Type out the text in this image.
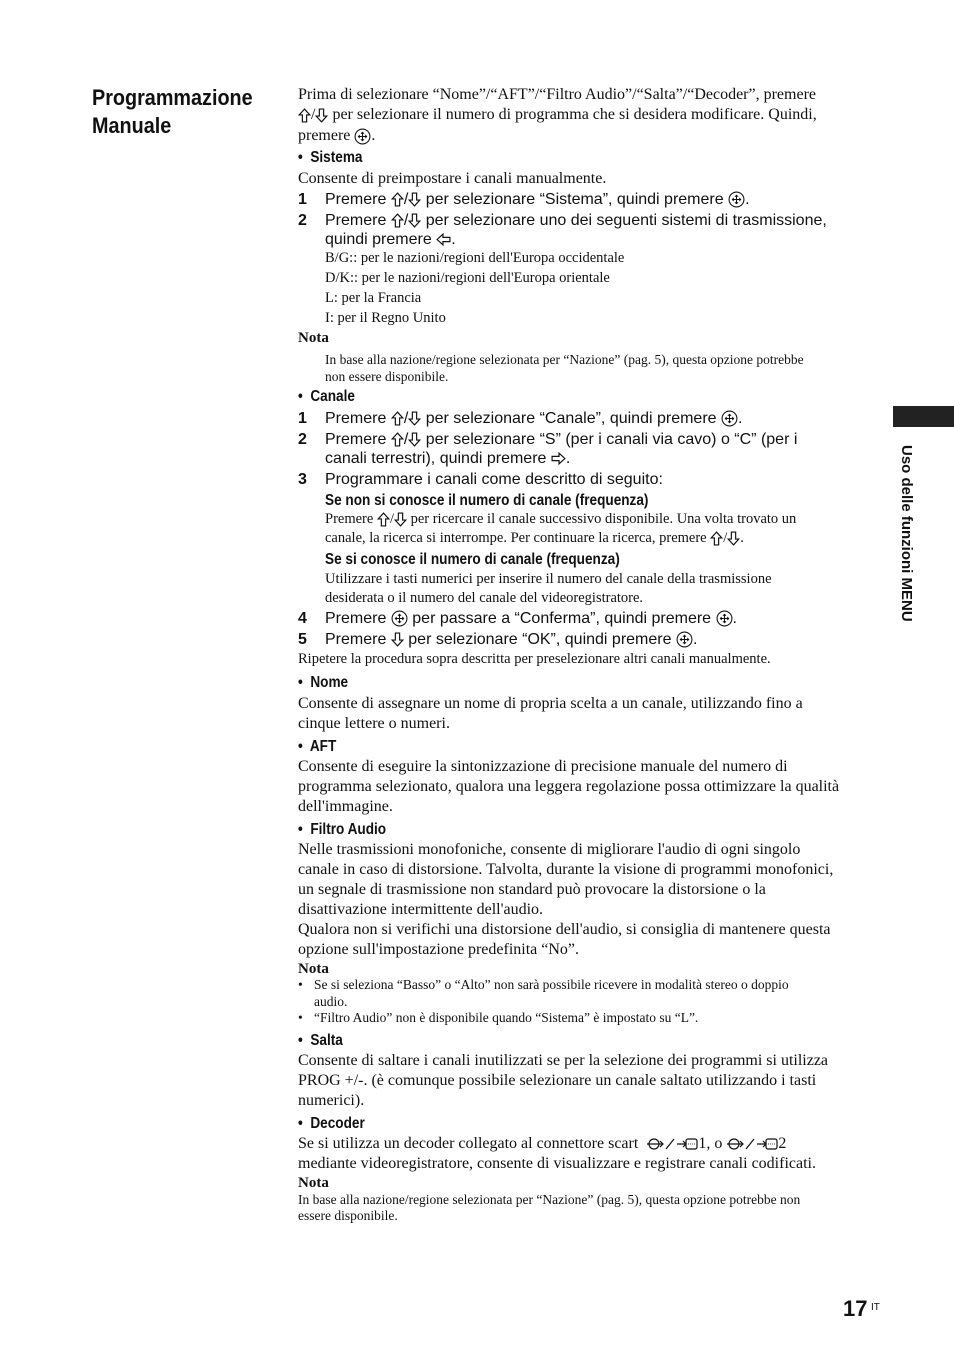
Programmazione Manuale
Uso delle funzioni MENU
Prima di selezionare “Nome”/“AFT”/“Filtro Audio”/“Salta”/“Decoder”, premere
/ per selezionare il numero di programma che si desidera modificare. Quindi,
premere .
•  Sistema
Consente di preimpostare i canali manualmente.
1 Premere / per selezionare “Sistema”, quindi premere .
2 Premere / per selezionare uno dei seguenti sistemi di trasmissione,
quindi premere .
B/G:: per le nazioni/regioni dell'Europa occidentale
D/K:: per le nazioni/regioni dell'Europa orientale
L: per la Francia
I: per il Regno Unito
Nota
In base alla nazione/regione selezionata per “Nazione” (pag. 5), questa opzione potrebbe
non essere disponibile.
•  Canale
1 Premere / per selezionare “Canale”, quindi premere .
2 Premere / per selezionare “S” (per i canali via cavo) o “C” (per i
canali terrestri), quindi premere .
3 Programmare i canali come descritto di seguito:
Se non si conosce il numero di canale (frequenza)
Premere / per ricercare il canale successivo disponibile. Una volta trovato un
canale, la ricerca si interrompe. Per continuare la ricerca, premere / .
Se si conosce il numero di canale (frequenza)
Utilizzare i tasti numerici per inserire il numero del canale della trasmissione
desiderata o il numero del canale del videoregistratore.
4 Premere per passare a “Conferma”, quindi premere .
5 Premere per selezionare “OK”, quindi premere .
Ripetere la procedura sopra descritta per preselezionare altri canali manualmente.
•  Nome
Consente di assegnare un nome di propria scelta a un canale, utilizzando fino a
cinque lettere o numeri.
•  AFT
Consente di eseguire la sintonizzazione di precisione manuale del numero di
programma selezionato, qualora una leggera regolazione possa ottimizzare la qualità
dell'immagine.
•  Filtro Audio
Nelle trasmissioni monofoniche, consente di migliorare l'audio di ogni singolo
canale in caso di distorsione. Talvolta, durante la visione di programmi monofonici,
un segnale di trasmissione non standard può provocare la distorsione o la
disattivazione intermittente dell'audio.
Qualora non si verifichi una distorsione dell'audio, si consiglia di mantenere questa
opzione sull'impostazione predefinita “No”.
Nota
• Se si seleziona “Basso” o “Alto” non sarà possibile ricevere in modalità stereo o doppio
audio.
• “Filtro Audio” non è disponibile quando “Sistema” è impostato su “L”.
•  Salta
Consente di saltare i canali inutilizzati se per la selezione dei programmi si utilizza
PROG +/-. (è comunque possibile selezionare un canale saltato utilizzando i tasti
numerici).
•  Decoder
Se si utilizza un decoder collegato al connettore scart	1, o	2
mediante videoregistratore, consente di visualizzare e registrare canali codificati.
Nota
In base alla nazione/regione selezionata per “Nazione” (pag. 5), questa opzione potrebbe non
essere disponibile.
17 IT
